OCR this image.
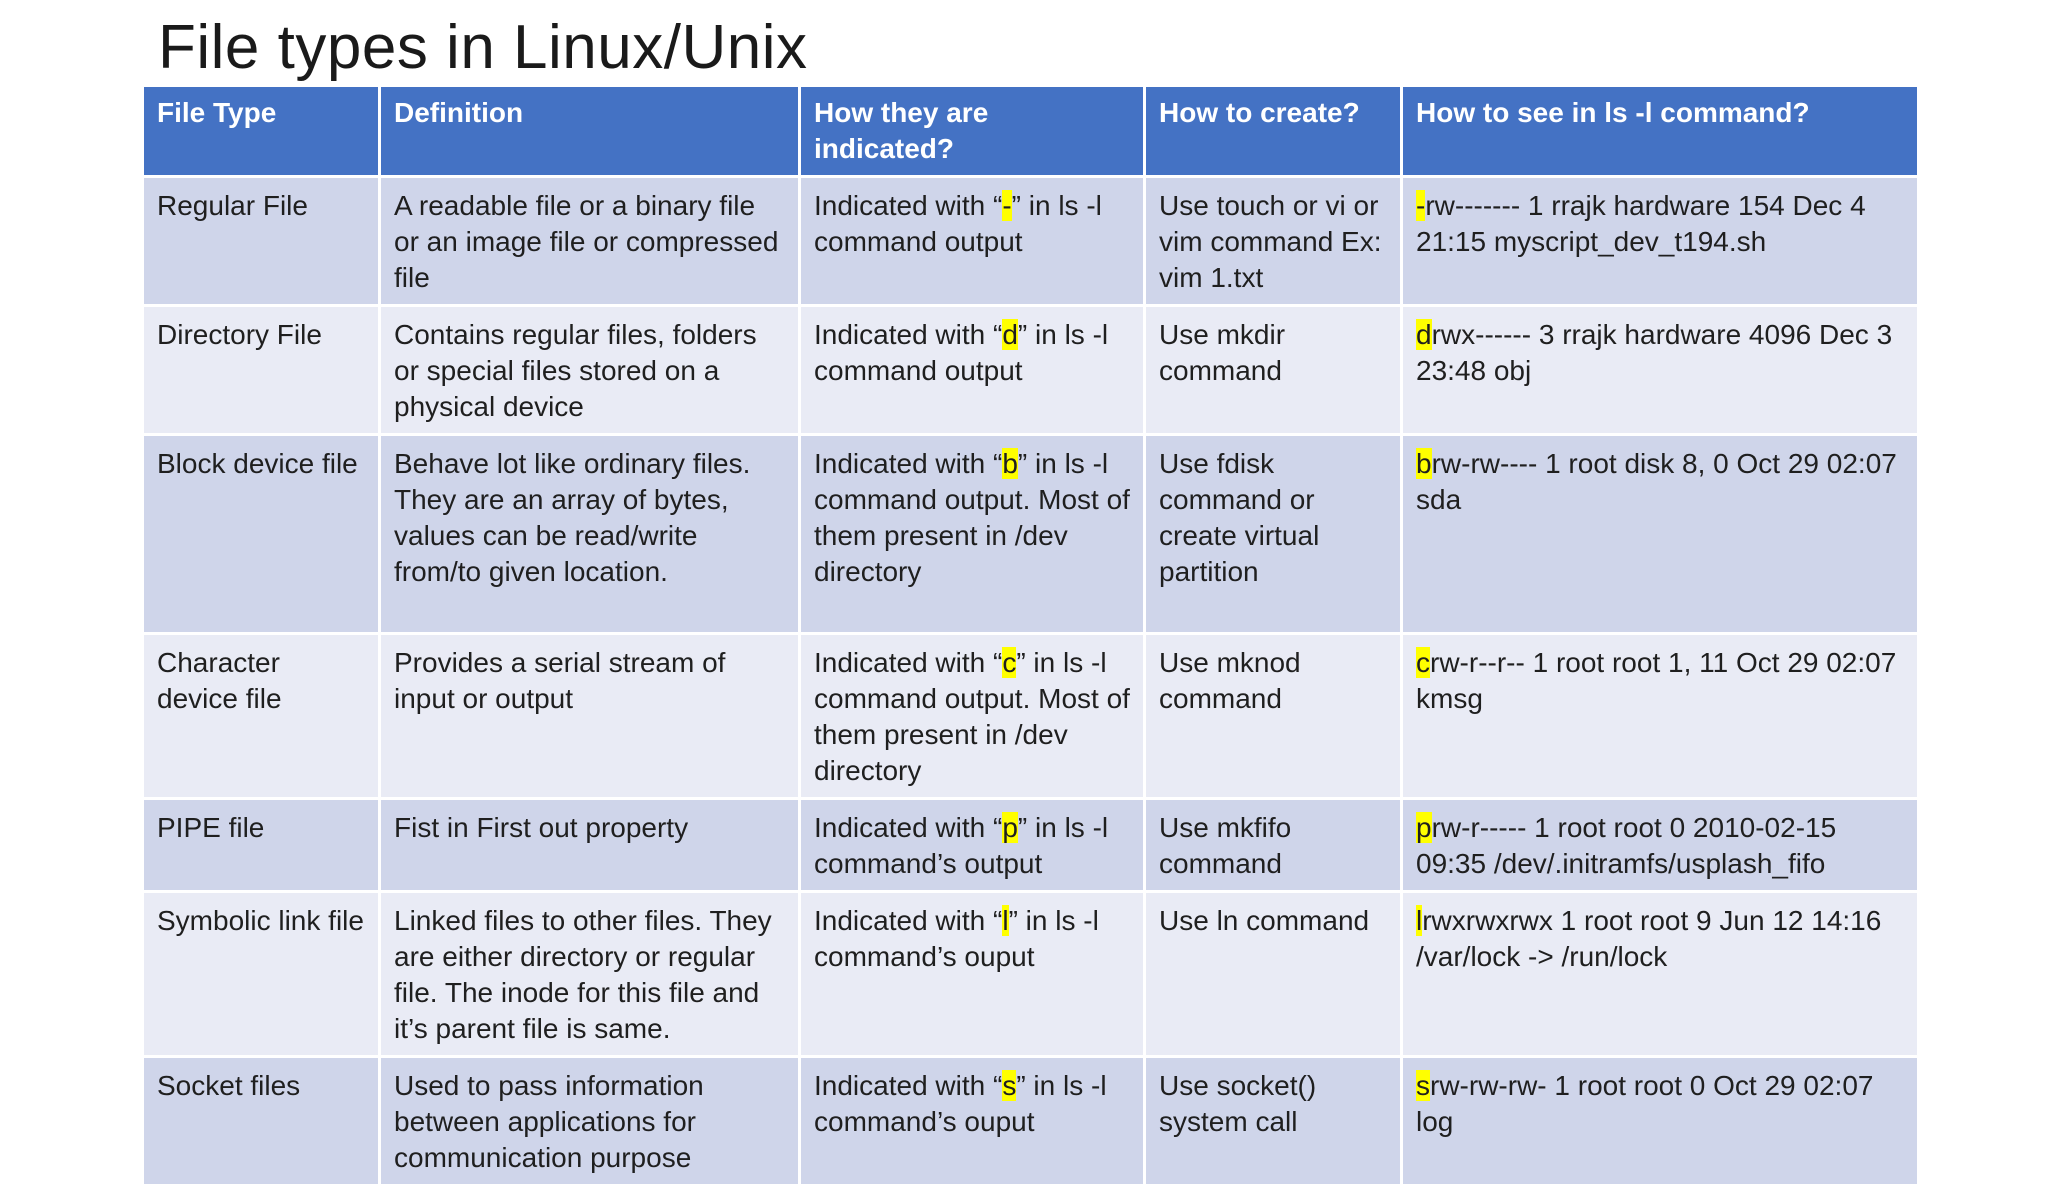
File types in Linux/Unix
File Type	Definition	How they are indicated?	How to create?	How to see in ls -l command?
Regular File	A readable file or a binary file or an image file or compressed file	Indicated with “-” in ls -l command output	Use touch or vi or vim command Ex: vim 1.txt	-rw------- 1 rrajk hardware 154 Dec 4 21:15 myscript_dev_t194.sh
Directory File	Contains regular files, folders or special files stored on a physical device	Indicated with “d” in ls -l command output	Use mkdir command	drwx------ 3 rrajk hardware 4096 Dec 3 23:48 obj
Block device file	Behave lot like ordinary files. They are an array of bytes, values can be read/write from/to given location.	Indicated with “b” in ls -l command output. Most of them present in /dev directory	Use fdisk command or create virtual partition	brw-rw---- 1 root disk 8, 0 Oct 29 02:07 sda
Character device file	Provides a serial stream of input or output	Indicated with “c” in ls -l command output. Most of them present in /dev directory	Use mknod command	crw-r--r-- 1 root root 1, 11 Oct 29 02:07 kmsg
PIPE file	Fist in First out property	Indicated with “p” in ls -l command’s output	Use mkfifo command	prw-r----- 1 root root 0 2010-02-15 09:35 /dev/.initramfs/usplash_fifo
Symbolic link file	Linked files to other files. They are either directory or regular file. The inode for this file and it’s parent file is same.	Indicated with “l” in ls -l command’s ouput	Use ln command	lrwxrwxrwx 1 root root 9 Jun 12 14:16 /var/lock -> /run/lock
Socket files	Used to pass information between applications for communication purpose	Indicated with “s” in ls -l command’s ouput	Use socket() system call	srw-rw-rw- 1 root root 0 Oct 29 02:07 log
